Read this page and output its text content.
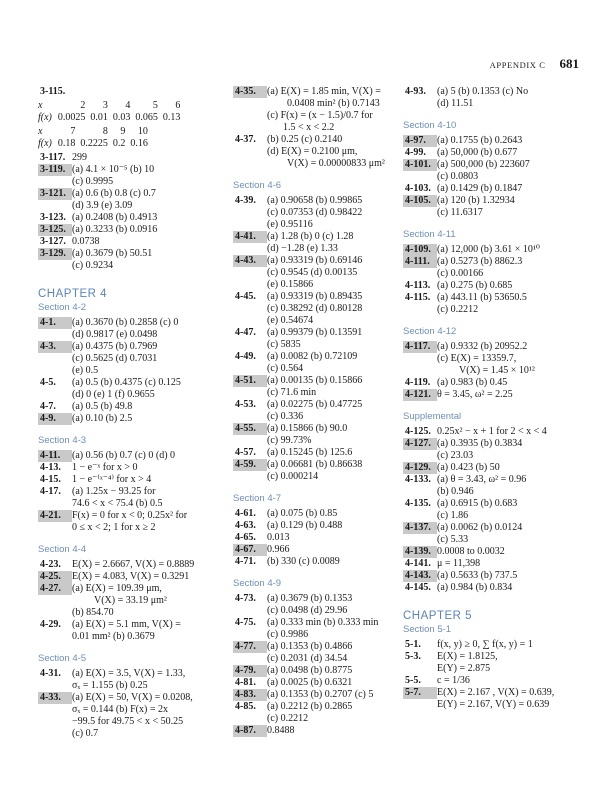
APPENDIX C 681
3-115.
x	2	3	4	5	6
f(x)	0.0025	0.01	0.03	0.065	0.13
x	7	8	9	10
f(x)	0.18	0.2225	0.2	0.16
3-117. 299
3-119. (a) 4.1 × 10⁻⁵ (b) 10
(c) 0.9995
3-121. (a) 0.6 (b) 0.8 (c) 0.7
(d) 3.9 (e) 3.09
3-123. (a) 0.2408 (b) 0.4913
3-125. (a) 0.3233 (b) 0.0916
3-127. 0.0738
3-129. (a) 0.3679 (b) 50.51
(c) 0.9234
CHAPTER 4
Section 4-2
4-1.	(a) 0.3670 (b) 0.2858 (c) 0
(d) 0.9817 (e) 0.0498
4-3.	(a) 0.4375 (b) 0.7969
(c) 0.5625 (d) 0.7031
(e) 0.5
4-5.	(a) 0.5 (b) 0.4375 (c) 0.125
(d) 0 (e) 1 (f) 0.9655
4-7.	(a) 0.5 (b) 49.8
4-9.	(a) 0.10 (b) 2.5
Section 4-3
4-11.	(a) 0.56 (b) 0.7 (c) 0 (d) 0
4-13.	1 − e⁻ˣ for x > 0
4-15.	1 − e⁻⁽ˣ⁻⁴⁾ for x > 4
4-17.	(a) 1.25x − 93.25 for
74.6 < x < 75.4 (b) 0.5
4-21.	F(x) = 0 for x < 0; 0.25x² for
0 ≤ x < 2; 1 for x ≥ 2
Section 4-4
4-23.	E(X) = 2.6667, V(X) = 0.8889
4-25.	E(X) = 4.083, V(X) = 0.3291
4-27.	(a) E(X) = 109.39 μm,
V(X) = 33.19 μm²
(b) 854.70
4-29.	(a) E(X) = 5.1 mm, V(X) =
0.01 mm² (b) 0.3679
Section 4-5
4-31.	(a) E(X) = 3.5, V(X) = 1.33,
σₓ = 1.155 (b) 0.25
4-33.	(a) E(X) = 50, V(X) = 0.0208,
σₓ = 0.144 (b) F(x) = 2x
−99.5 for 49.75 < x < 50.25
(c) 0.7
4-35.	(a) E(X) = 1.85 min, V(X) =
0.0408 min² (b) 0.7143
(c) F(x) = (x − 1.5)/0.7 for
1.5 < x < 2.2
4-37.	(b) 0.25 (c) 0.2140
(d) E(X) = 0.2100 μm,
V(X) = 0.00000833 μm²
Section 4-6
4-39.	(a) 0.90658 (b) 0.99865
(c) 0.07353 (d) 0.98422
(e) 0.95116
4-41.	(a) 1.28 (b) 0 (c) 1.28
(d) −1.28 (e) 1.33
4-43.	(a) 0.93319 (b) 0.69146
(c) 0.9545 (d) 0.00135
(e) 0.15866
4-45.	(a) 0.93319 (b) 0.89435
(c) 0.38292 (d) 0.80128
(e) 0.54674
4-47.	(a) 0.99379 (b) 0.13591
(c) 5835
4-49.	(a) 0.0082 (b) 0.72109
(c) 0.564
4-51.	(a) 0.00135 (b) 0.15866
(c) 71.6 min
4-53.	(a) 0.02275 (b) 0.47725
(c) 0.336
4-55.	(a) 0.15866 (b) 90.0
(c) 99.73%
4-57.	(a) 0.15245 (b) 125.6
4-59.	(a) 0.06681 (b) 0.86638
(c) 0.000214
Section 4-7
4-61.	(a) 0.075 (b) 0.85
4-63.	(a) 0.129 (b) 0.488
4-65.	0.013
4-67.	0.966
4-71.	(b) 330 (c) 0.0089
Section 4-9
4-73.	(a) 0.3679 (b) 0.1353
(c) 0.0498 (d) 29.96
4-75.	(a) 0.333 min (b) 0.333 min
(c) 0.9986
4-77.	(a) 0.1353 (b) 0.4866
(c) 0.2031 (d) 34.54
4-79.	(a) 0.0498 (b) 0.8775
4-81.	(a) 0.0025 (b) 0.6321
4-83.	(a) 0.1353 (b) 0.2707 (c) 5
4-85.	(a) 0.2212 (b) 0.2865
(c) 0.2212
4-87.	0.8488
4-93.	(a) 5 (b) 0.1353 (c) No
(d) 11.51
Section 4-10
4-97.	(a) 0.1755 (b) 0.2643
4-99.	(a) 50,000 (b) 0.677
4-101. (a) 500,000 (b) 223607
(c) 0.0803
4-103. (a) 0.1429 (b) 0.1847
4-105. (a) 120 (b) 1.32934
(c) 11.6317
Section 4-11
4-109. (a) 12,000 (b) 3.61 × 10¹⁰
4-111. (a) 0.5273 (b) 8862.3
(c) 0.00166
4-113. (a) 0.275 (b) 0.685
4-115. (a) 443.11 (b) 53650.5
(c) 0.2212
Section 4-12
4-117. (a) 0.9332 (b) 20952.2
(c) E(X) = 13359.7,
V(X) = 1.45 × 10¹²
4-119. (a) 0.983 (b) 0.45
4-121. θ = 3.45, ω² = 2.25
Supplemental
4-125. 0.25x² − x + 1 for 2 < x < 4
4-127. (a) 0.3935 (b) 0.3834
(c) 23.03
4-129. (a) 0.423 (b) 50
4-133. (a) θ = 3.43, ω² = 0.96
(b) 0.946
4-135. (a) 0.6915 (b) 0.683
(c) 1.86
4-137. (a) 0.0062 (b) 0.0124
(c) 5.33
4-139. 0.0008 to 0.0032
4-141. μ = 11,398
4-143. (a) 0.5633 (b) 737.5
4-145. (a) 0.984 (b) 0.834
CHAPTER 5
Section 5-1
5-1.	f(x, y) ≥ 0, ∑ f(x, y) = 1
5-3.	E(X) = 1.8125,
E(Y) = 2.875
5-5.	c = 1/36
5-7.	E(X) = 2.167 , V(X) = 0.639,
E(Y) = 2.167, V(Y) = 0.639
